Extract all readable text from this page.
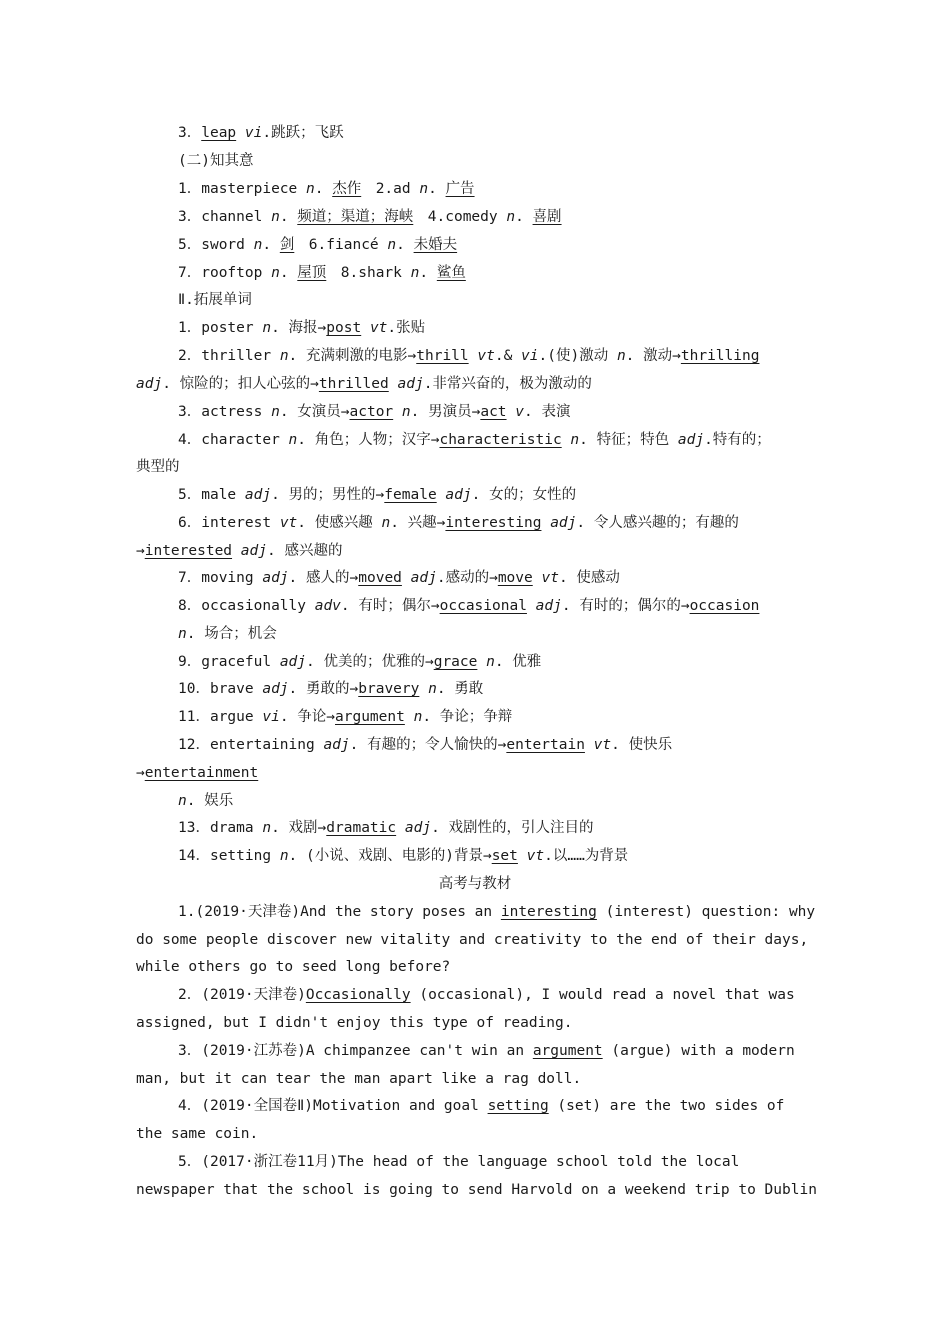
3．leap vi.跳跃；飞跃
(二)知其意
1．masterpiece n. 杰作　2.ad n. 广告
3．channel n. 频道；渠道；海峡　4.comedy n. 喜剧
5．sword n. 剑　6.fiancé n. 未婚夫
7．rooftop n. 屋顶　8.shark n. 鲨鱼
Ⅱ.拓展单词
1．poster n. 海报→post vt.张贴
2．thriller n. 充满刺激的电影→thrill vt.& vi.(使)激动 n. 激动→thrilling
adj. 惊险的；扣人心弦的→thrilled adj.非常兴奋的，极为激动的
3．actress n. 女演员→actor n. 男演员→act v. 表演
4．character n. 角色；人物；汉字→characteristic n. 特征；特色 adj.特有的；
典型的
5．male adj. 男的；男性的→female adj. 女的；女性的
6．interest vt. 使感兴趣 n. 兴趣→interesting adj. 令人感兴趣的；有趣的
→interested adj. 感兴趣的
7．moving adj. 感人的→moved adj.感动的→move vt. 使感动
8．occasionally adv. 有时；偶尔→occasional adj. 有时的；偶尔的→occasion
n. 场合；机会
9．graceful adj. 优美的；优雅的→grace n. 优雅
10．brave adj. 勇敢的→bravery n. 勇敢
11．argue vi. 争论→argument n. 争论；争辩
12．entertaining adj. 有趣的；令人愉快的→entertain vt. 使快乐
→entertainment
n. 娱乐
13．drama n. 戏剧→dramatic adj. 戏剧性的，引人注目的
14．setting n. (小说、戏剧、电影的)背景→set vt.以……为背景
高考与教材
1.(2019·天津卷)And the story poses an interesting (interest) question: why
do some people discover new vitality and creativity to the end of their days,
while others go to seed long before?
2．(2019·天津卷)Occasionally (occasional), I would read a novel that was
assigned, but I didn't enjoy this type of reading.
3．(2019·江苏卷)A chimpanzee can't win an argument (argue) with a modern
man, but it can tear the man apart like a rag doll.
4．(2019·全国卷Ⅱ)Motivation and goal setting (set) are the two sides of
the same coin.
5．(2017·浙江卷11月)The head of the language school told the local
newspaper that the school is going to send Harvold on a weekend trip to Dublin
